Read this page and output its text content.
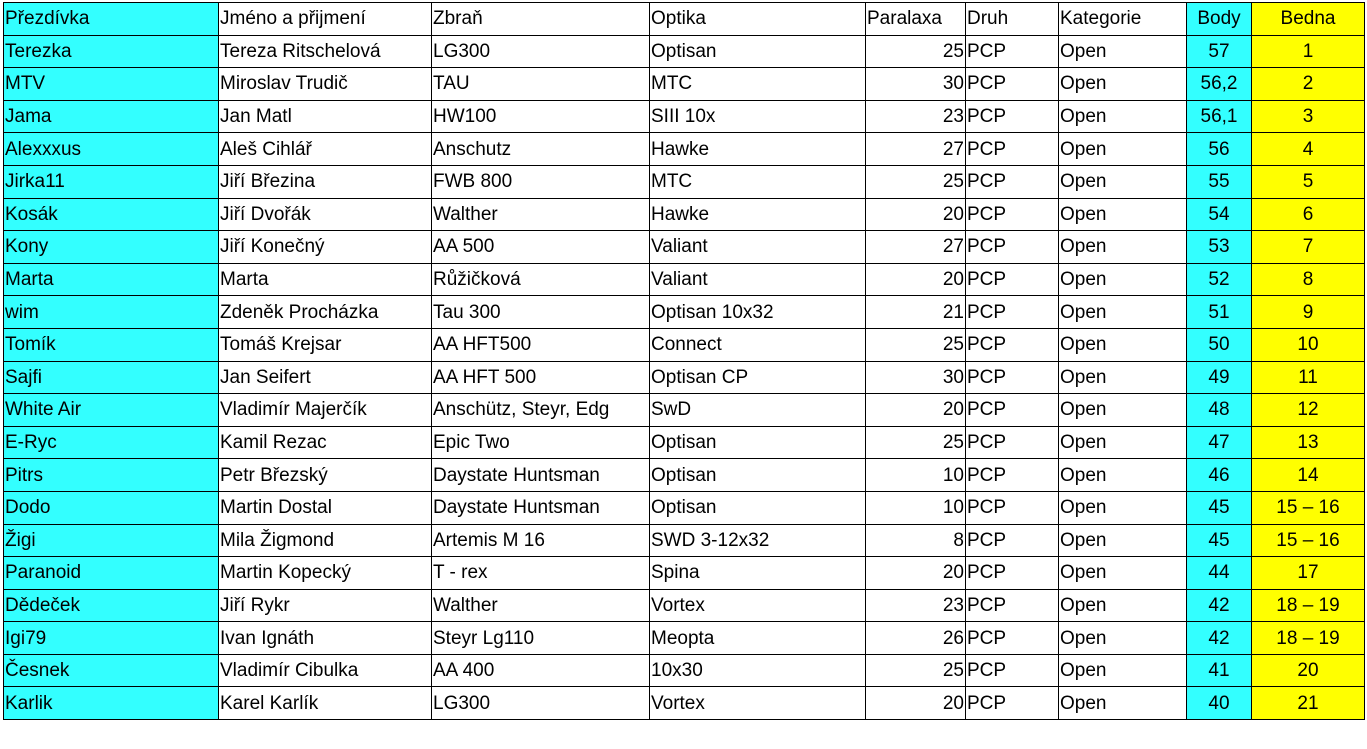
Přezdívka	Jméno a přijmení	Zbraň	Optika	Paralaxa	Druh	Kategorie	Body	Bedna
Terezka	Tereza Ritschelová	LG300	Optisan	25	PCP	Open	57	1
MTV	Miroslav Trudič	TAU	MTC	30	PCP	Open	56,2	2
Jama	Jan Matl	HW100	SIII 10x	23	PCP	Open	56,1	3
Alexxxus	Aleš Cihlář	Anschutz	Hawke	27	PCP	Open	56	4
Jirka11	Jiří Březina	FWB 800	MTC	25	PCP	Open	55	5
Kosák	Jiří Dvořák	Walther	Hawke	20	PCP	Open	54	6
Kony	Jiří Konečný	AA 500	Valiant	27	PCP	Open	53	7
Marta	Marta	Růžičková	Valiant	20	PCP	Open	52	8
wim	Zdeněk Procházka	Tau 300	Optisan 10x32	21	PCP	Open	51	9
Tomík	Tomáš Krejsar	AA HFT500	Connect	25	PCP	Open	50	10
Sajfi	Jan Seifert	AA HFT 500	Optisan CP	30	PCP	Open	49	11
White Air	Vladimír Majerčík	Anschütz, Steyr, Edg	SwD	20	PCP	Open	48	12
E-Ryc	Kamil Rezac	Epic Two	Optisan	25	PCP	Open	47	13
Pitrs	Petr Březský	Daystate Huntsman	Optisan	10	PCP	Open	46	14
Dodo	Martin Dostal	Daystate Huntsman	Optisan	10	PCP	Open	45	15 – 16
Žigi	Mila Žigmond	Artemis M 16	SWD 3-12x32	8	PCP	Open	45	15 – 16
Paranoid	Martin Kopecký	T - rex	Spina	20	PCP	Open	44	17
Dědeček	Jiří Rykr	Walther	Vortex	23	PCP	Open	42	18 – 19
Igi79	Ivan Ignáth	Steyr Lg110	Meopta	26	PCP	Open	42	18 – 19
Česnek	Vladimír Cibulka	AA 400	10x30	25	PCP	Open	41	20
Karlik	Karel Karlík	LG300	Vortex	20	PCP	Open	40	21
